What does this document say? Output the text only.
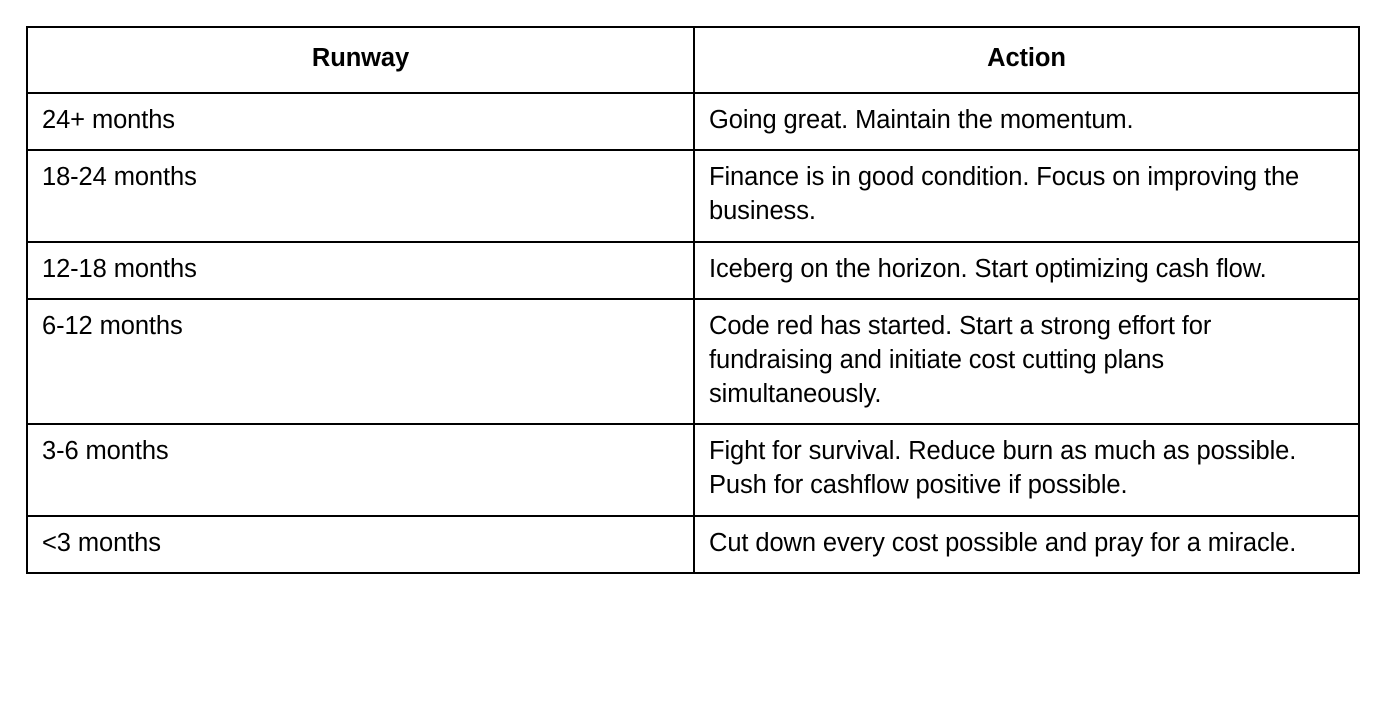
Runway	Action
24+ months	Going great. Maintain the momentum.
18-24 months	Finance is in good condition. Focus on improving the business.
12-18 months	Iceberg on the horizon. Start optimizing cash flow.
6-12 months	Code red has started. Start a strong effort for fundraising and initiate cost cutting plans simultaneously.
3-6 months	Fight for survival. Reduce burn as much as possible. Push for cashflow positive if possible.
<3 months	Cut down every cost possible and pray for a miracle.
